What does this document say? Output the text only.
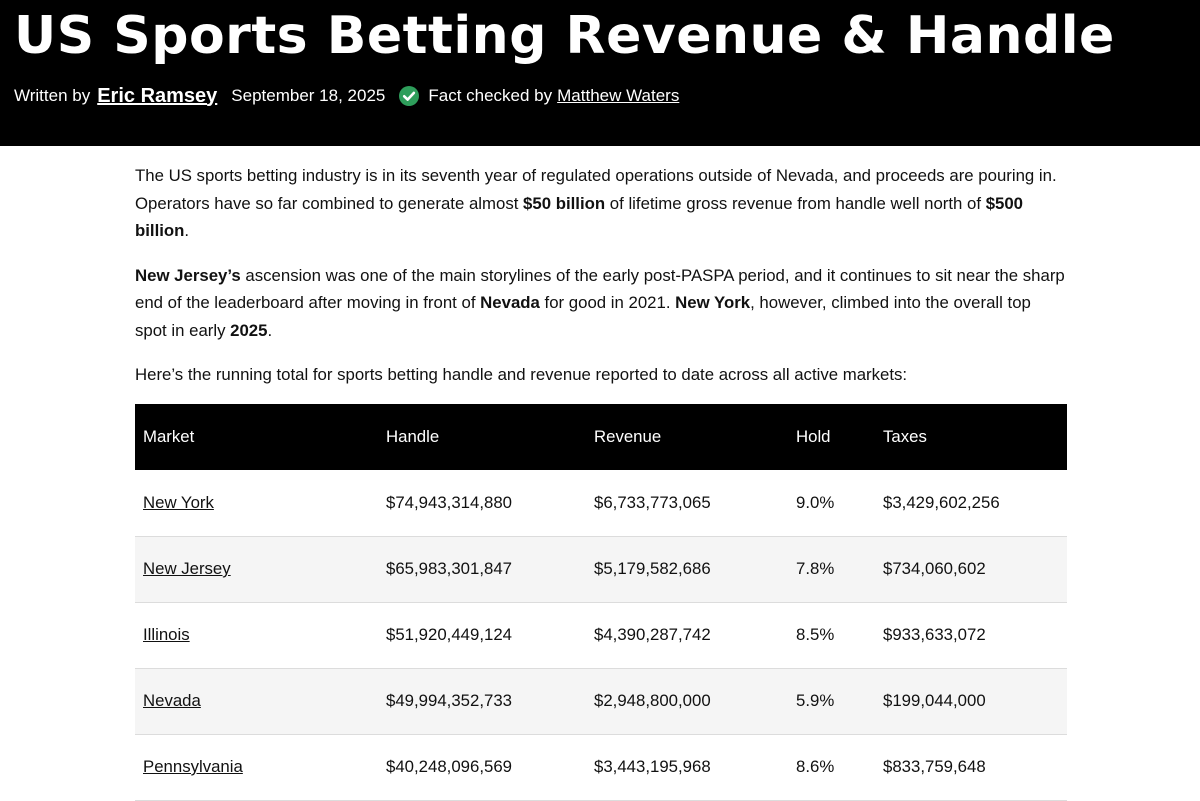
US Sports Betting Revenue & Handle
Written by Eric Ramsey September 18, 2025	Fact checked by Matthew Waters

The US sports betting industry is in its seventh year of regulated operations outside of Nevada, and proceeds are pouring in. Operators have so far combined to generate almost $50 billion of lifetime gross revenue from handle well north of $500 billion.

New Jersey’s ascension was one of the main storylines of the early post-PASPA period, and it continues to sit near the sharp end of the leaderboard after moving in front of Nevada for good in 2021. New York, however, climbed into the overall top spot in early 2025.

Here’s the running total for sports betting handle and revenue reported to date across all active markets:

Market	Handle	Revenue	Hold	Taxes
New York	$74,943,314,880	$6,733,773,065	9.0%	$3,429,602,256
New Jersey	$65,983,301,847	$5,179,582,686	7.8%	$734,060,602
Illinois	$51,920,449,124	$4,390,287,742	8.5%	$933,633,072
Nevada	$49,994,352,733	$2,948,800,000	5.9%	$199,044,000
Pennsylvania	$40,248,096,569	$3,443,195,968	8.6%	$833,759,648
